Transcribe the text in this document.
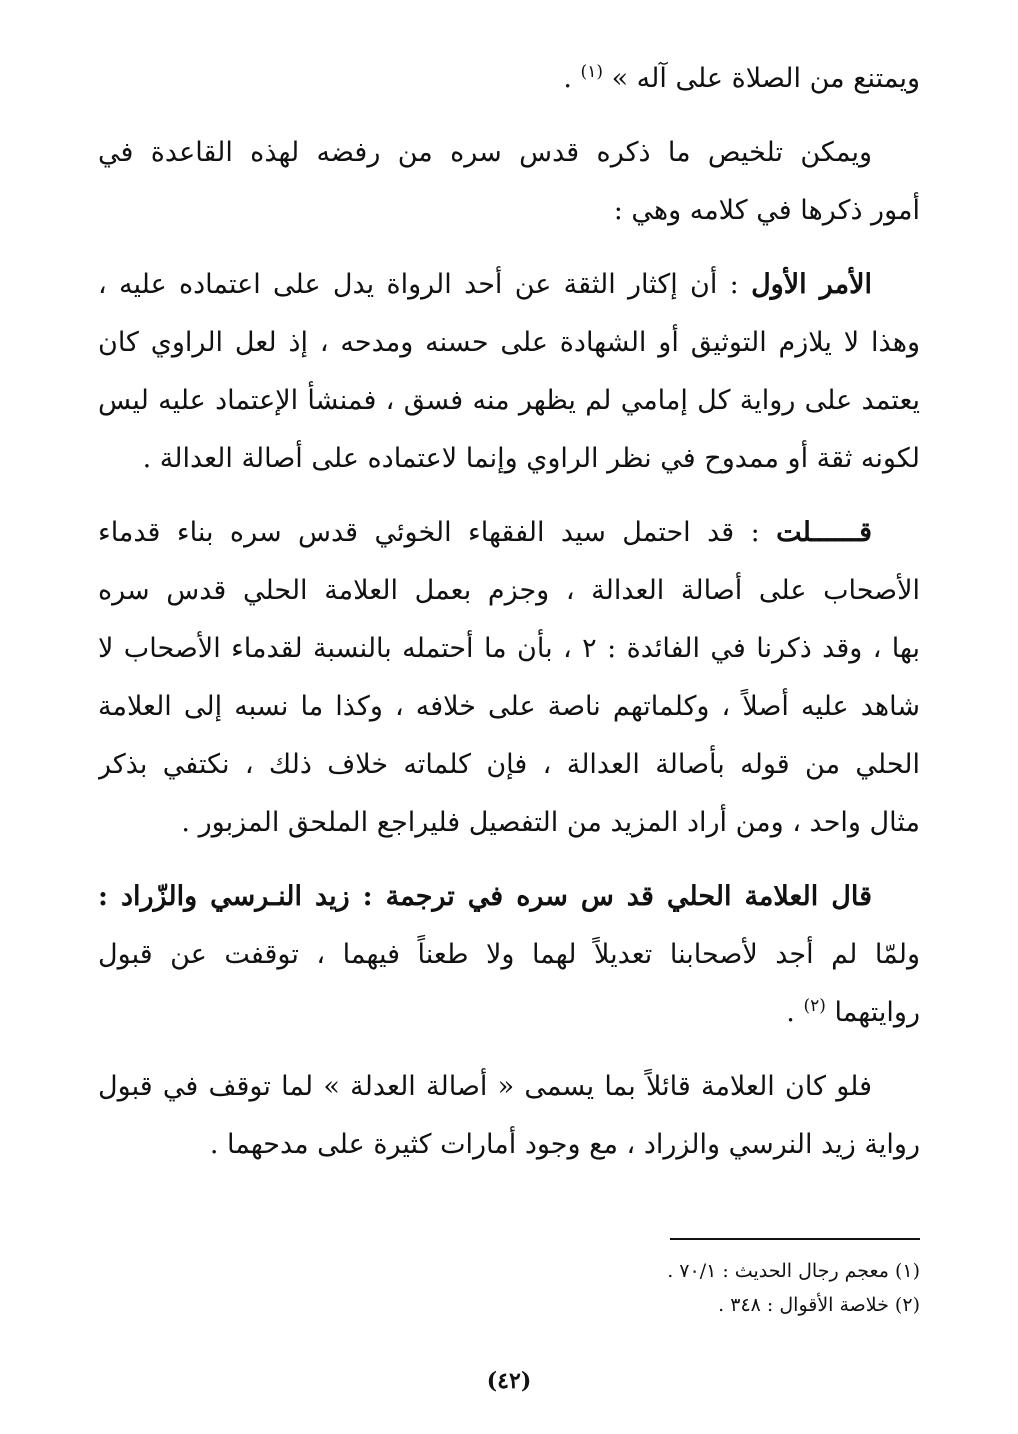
ويمتنع من الصلاة على آله » $^{(١)}$ .
ويمكن تلخيص ما ذكره قدس سره من رفضه لهذه القاعدة في
أمور ذكرها في كلامه وهي :
الأمر الأول : أن إكثار الثقة عن أحد الرواة يدل على اعتماده عليه ،
وهذا لا يلازم التوثيق أو الشهادة على حسنه ومدحه ، إذ لعل الراوي كان
يعتمد على رواية كل إمامي لم يظهر منه فسق ، فمنشأ الإعتماد عليه ليس
لكونه ثقة أو ممدوح في نظر الراوي وإنما لاعتماده على أصالة العدالة .
قــــــلت : قد احتمل سيد الفقهاء الخوئي قدس سره بناء قدماء
الأصحاب على أصالة العدالة ، وجزم بعمل العلامة الحلي قدس سره
بها ، وقد ذكرنا في الفائدة : ٢ ، بأن ما أحتمله بالنسبة لقدماء الأصحاب لا
شاهد عليه أصلاً ، وكلماتهم ناصة على خلافه ، وكذا ما نسبه إلى العلامة
الحلي من قوله بأصالة العدالة ، فإن كلماته خلاف ذلك ، نكتفي بذكر
مثال واحد ، ومن أراد المزيد من التفصيل فليراجع الملحق المزبور .
قال العلامة الحلي قد س سره في ترجمة : زيد النـرسي والزّراد :
ولمّا لم أجد لأصحابنا تعديلاً لهما ولا طعناً فيهما ، توقفت عن قبول
روايتهما $^{(٢)}$ .
فلو كان العلامة قائلاً بما يسمى « أصالة العدلة » لما توقف في قبول
رواية زيد النرسي والزراد ، مع وجود أمارات كثيرة على مدحهما .
(١) معجم رجال الحديث : ٧٠/١ .
(٢) خلاصة الأقوال : ٣٤٨ .
(٤٢)
